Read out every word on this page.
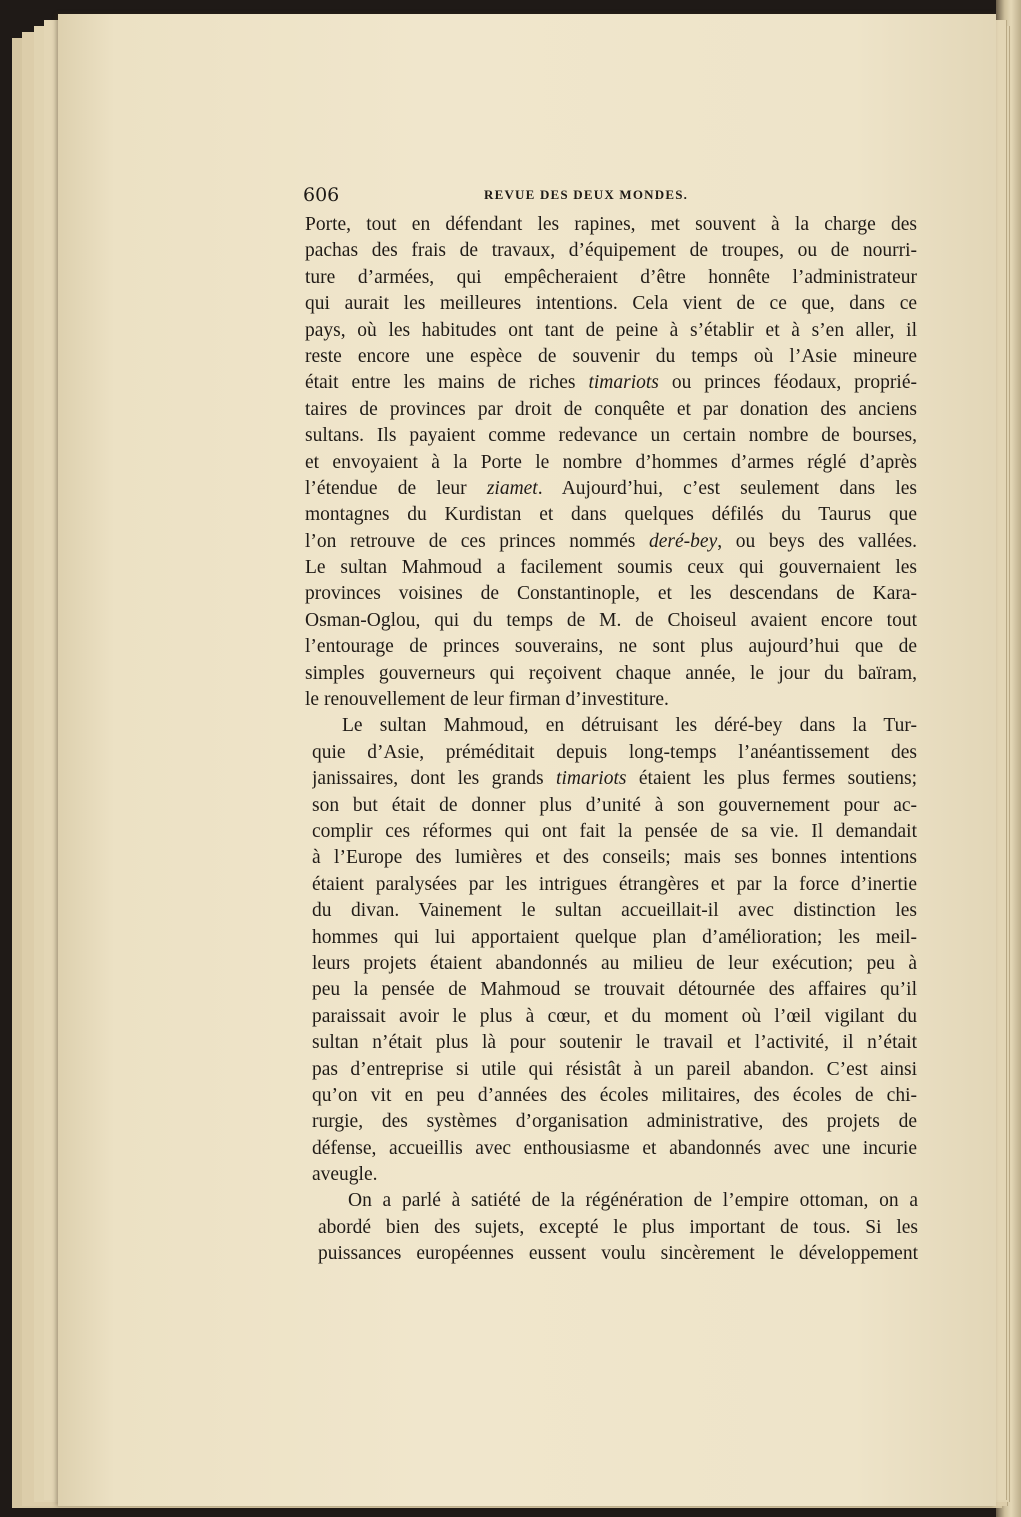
606	REVUE DES DEUX MONDES.
Porte, tout en défendant les rapines, met souvent à la charge des
pachas des frais de travaux, d’équipement de troupes, ou de nourri-
ture d’armées, qui empêcheraient d’être honnête l’administrateur
qui aurait les meilleures intentions. Cela vient de ce que, dans ce
pays, où les habitudes ont tant de peine à s’établir et à s’en aller, il
reste encore une espèce de souvenir du temps où l’Asie mineure
était entre les mains de riches timariots ou princes féodaux, proprié-
taires de provinces par droit de conquête et par donation des anciens
sultans. Ils payaient comme redevance un certain nombre de bourses,
et envoyaient à la Porte le nombre d’hommes d’armes réglé d’après
l’étendue de leur ziamet. Aujourd’hui, c’est seulement dans les
montagnes du Kurdistan et dans quelques défilés du Taurus que
l’on retrouve de ces princes nommés deré-bey, ou beys des vallées.
Le sultan Mahmoud a facilement soumis ceux qui gouvernaient les
provinces voisines de Constantinople, et les descendans de Kara-
Osman-Oglou, qui du temps de M. de Choiseul avaient encore tout
l’entourage de princes souverains, ne sont plus aujourd’hui que de
simples gouverneurs qui reçoivent chaque année, le jour du baïram,
le renouvellement de leur firman d’investiture.
Le sultan Mahmoud, en détruisant les déré-bey dans la Tur-
quie d’Asie, préméditait depuis long-temps l’anéantissement des
janissaires, dont les grands timariots étaient les plus fermes soutiens;
son but était de donner plus d’unité à son gouvernement pour ac-
complir ces réformes qui ont fait la pensée de sa vie. Il demandait
à l’Europe des lumières et des conseils; mais ses bonnes intentions
étaient paralysées par les intrigues étrangères et par la force d’inertie
du divan. Vainement le sultan accueillait-il avec distinction les
hommes qui lui apportaient quelque plan d’amélioration; les meil-
leurs projets étaient abandonnés au milieu de leur exécution; peu à
peu la pensée de Mahmoud se trouvait détournée des affaires qu’il
paraissait avoir le plus à cœur, et du moment où l’œil vigilant du
sultan n’était plus là pour soutenir le travail et l’activité, il n’était
pas d’entreprise si utile qui résistât à un pareil abandon. C’est ainsi
qu’on vit en peu d’années des écoles militaires, des écoles de chi-
rurgie, des systèmes d’organisation administrative, des projets de
défense, accueillis avec enthousiasme et abandonnés avec une incurie
aveugle.
On a parlé à satiété de la régénération de l’empire ottoman, on a
abordé bien des sujets, excepté le plus important de tous. Si les
puissances européennes eussent voulu sincèrement le développement
